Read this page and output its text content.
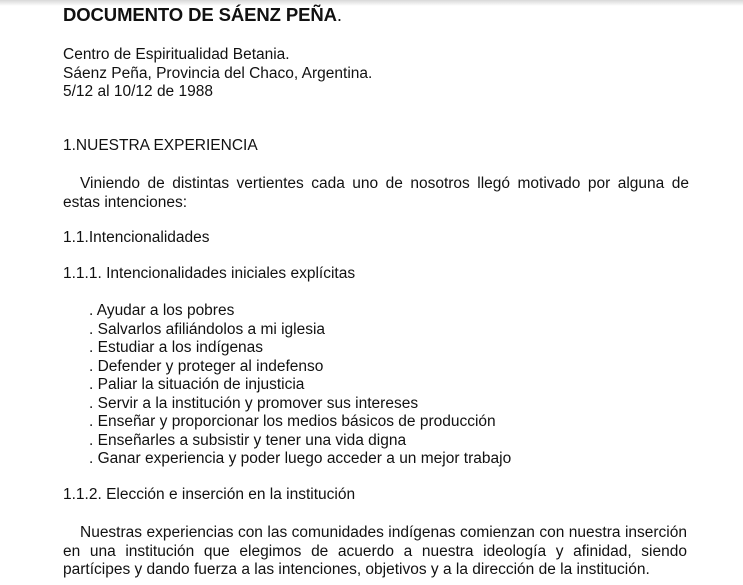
DOCUMENTO DE SÁENZ PEÑA.
Centro de Espiritualidad Betania.
Sáenz Peña, Provincia del Chaco, Argentina.
5/12 al 10/12 de 1988
1.NUESTRA EXPERIENCIA
Viniendo de distintas vertientes cada uno de nosotros llegó motivado por alguna de
estas intenciones:
1.1.Intencionalidades
1.1.1. Intencionalidades iniciales explícitas
. Ayudar a los pobres
. Salvarlos afiliándolos a mi iglesia
. Estudiar a los indígenas
. Defender y proteger al indefenso
. Paliar la situación de injusticia
. Servir a la institución y promover sus intereses
. Enseñar y proporcionar los medios básicos de producción
. Enseñarles a subsistir y tener una vida digna
. Ganar experiencia y poder luego acceder a un mejor trabajo
1.1.2. Elección e inserción en la institución
Nuestras experiencias con las comunidades indígenas comienzan con nuestra inserción
en una institución que elegimos de acuerdo a nuestra ideología y afinidad, siendo
partícipes y dando fuerza a las intenciones, objetivos y a la dirección de la institución.
